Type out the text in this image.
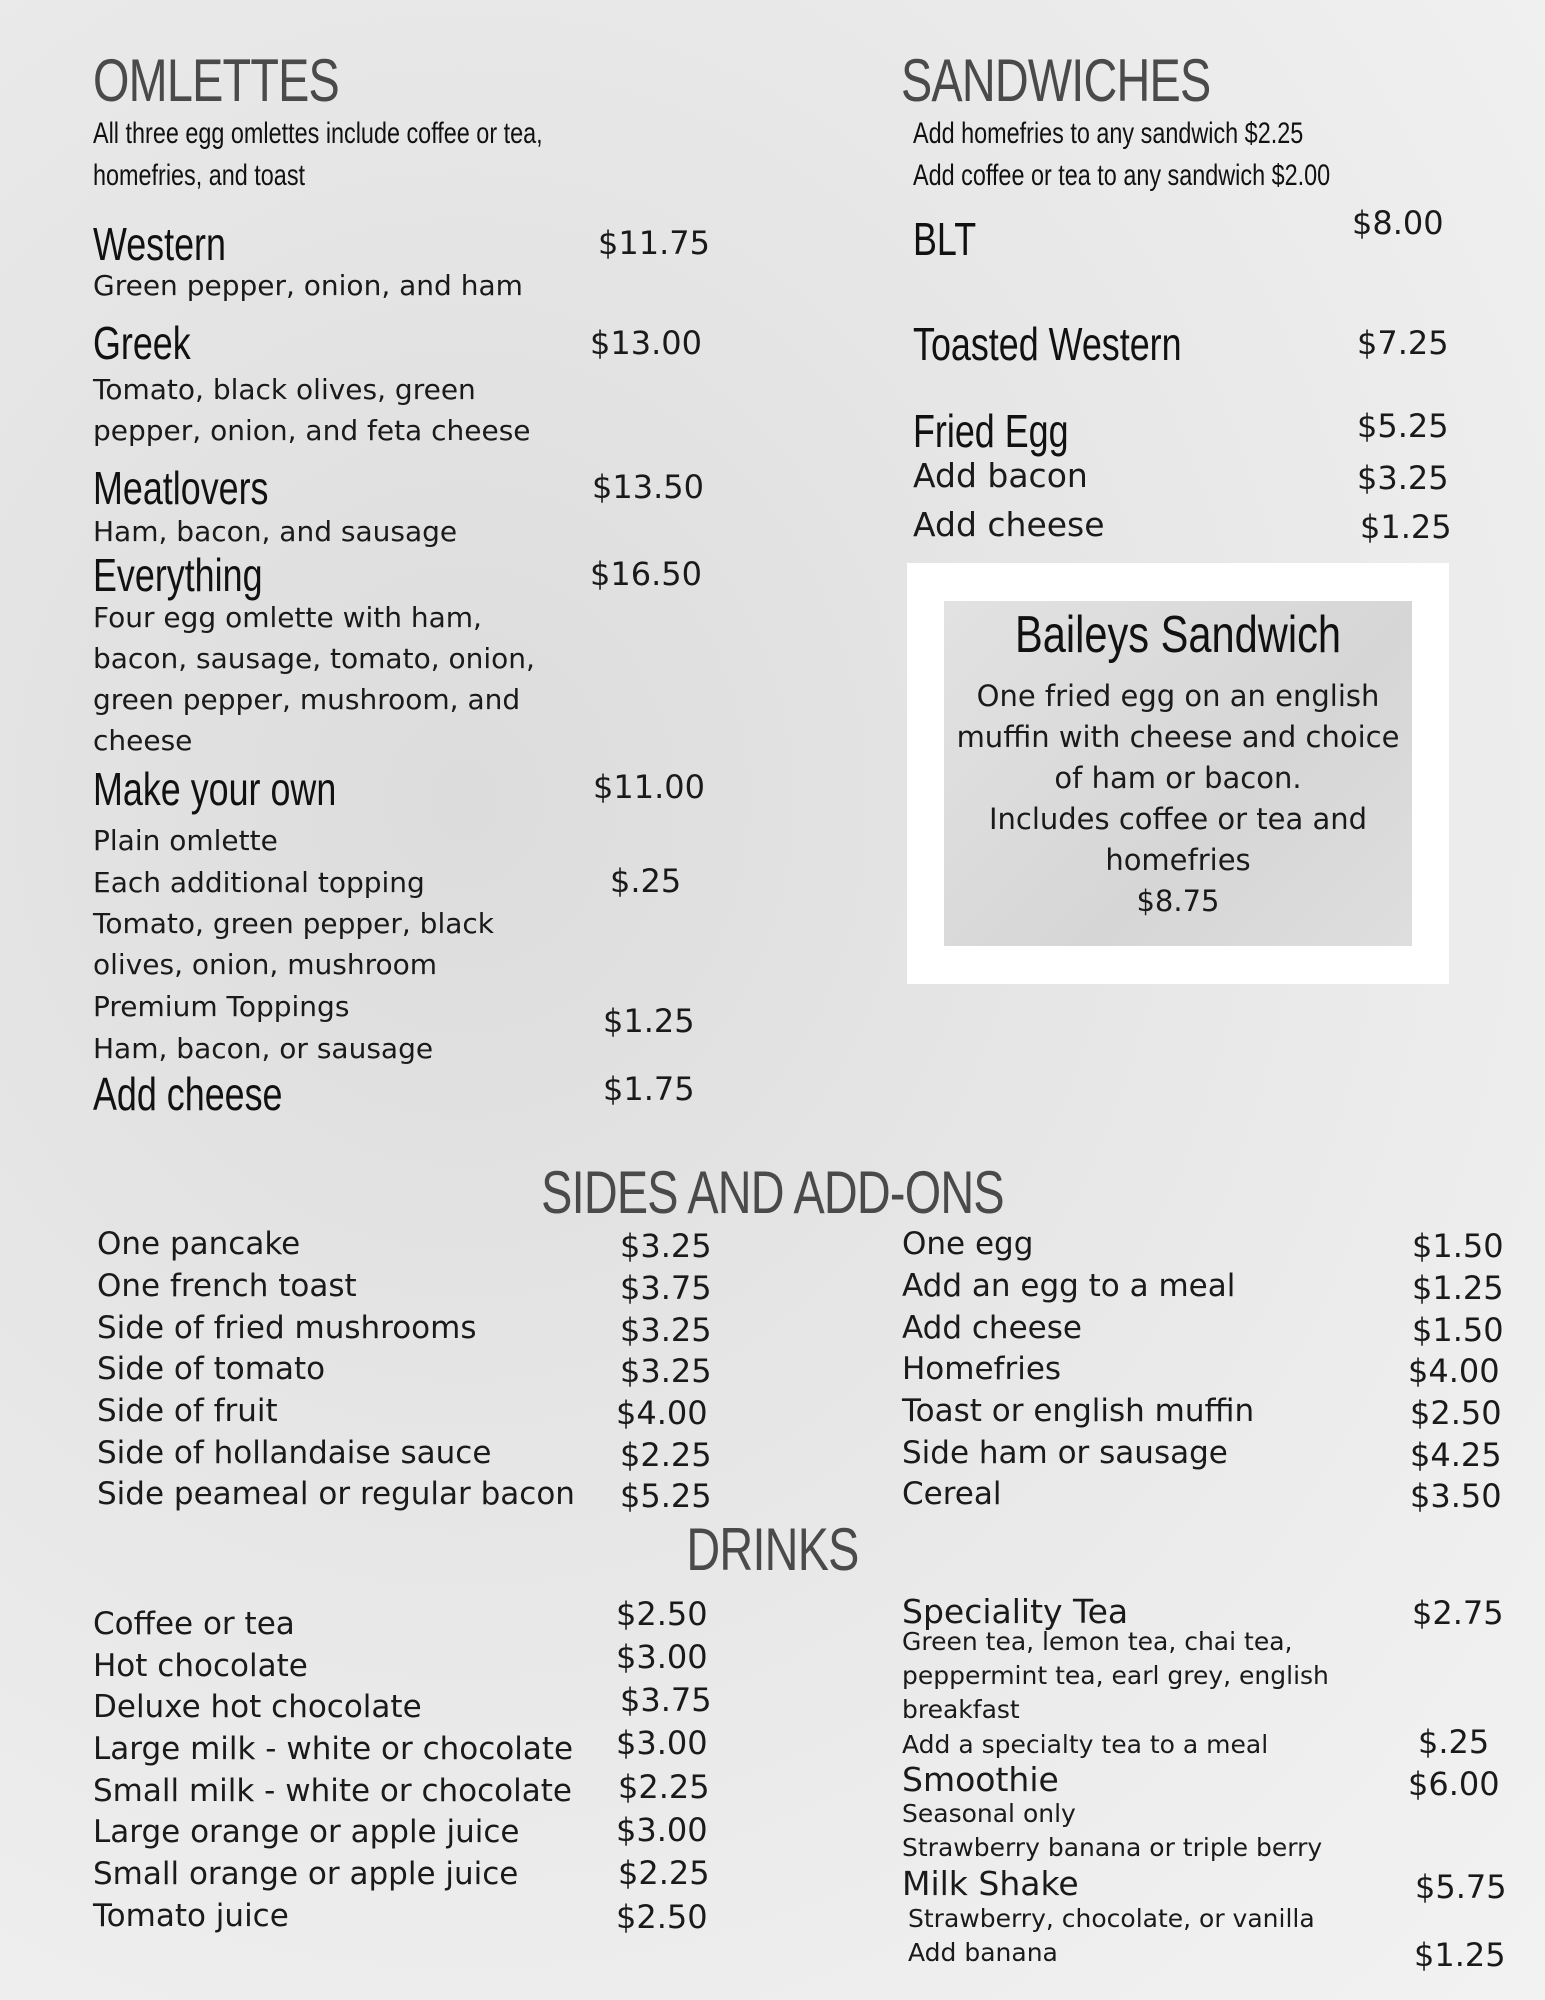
OMLETTES
All three egg omlettes include coffee or tea,
homefries, and toast
Western	$11.75
Green pepper, onion, and ham
Greek	$13.00
Tomato, black olives, green
pepper, onion, and feta cheese
Meatlovers	$13.50
Ham, bacon, and sausage
Everything	$16.50
Four egg omlette with ham,
bacon, sausage, tomato, onion,
green pepper, mushroom, and
cheese
Make your own	$11.00
Plain omlette
Each additional topping	$.25
Tomato, green pepper, black
olives, onion, mushroom
Premium Toppings	$1.25
Ham, bacon, or sausage
Add cheese	$1.75
SANDWICHES
Add homefries to any sandwich $2.25
Add coffee or tea to any sandwich $2.00
BLT	$8.00
Toasted Western	$7.25
Fried Egg	$5.25
Add bacon	$3.25
Add cheese	$1.25
Baileys Sandwich
One fried egg on an english
muffin with cheese and choice
of ham or bacon.
Includes coffee or tea and
homefries
$8.75
SIDES AND ADD-ONS
One pancake	$3.25
One french toast	$3.75
Side of fried mushrooms	$3.25
Side of tomato	$3.25
Side of fruit	$4.00
Side of hollandaise sauce	$2.25
Side peameal or regular bacon $5.25
One egg	$1.50
Add an egg to a meal	$1.25
Add cheese	$1.50
Homefries	$4.00
Toast or english muffin	$2.50
Side ham or sausage	$4.25
Cereal	$3.50
DRINKS
Coffee or tea	$2.50
Hot chocolate	$3.00
Deluxe hot chocolate	$3.75
Large milk - white or chocolate $3.00
Small milk - white or chocolate $2.25
Large orange or apple juice	$3.00
Small orange or apple juice	$2.25
Tomato juice	$2.50
Speciality Tea	$2.75
Green tea, lemon tea, chai tea,
peppermint tea, earl grey, english
breakfast
Add a specialty tea to a meal	$.25
Smoothie	$6.00
Seasonal only
Strawberry banana or triple berry
Milk Shake	$5.75
Strawberry, chocolate, or vanilla
Add banana	$1.25
